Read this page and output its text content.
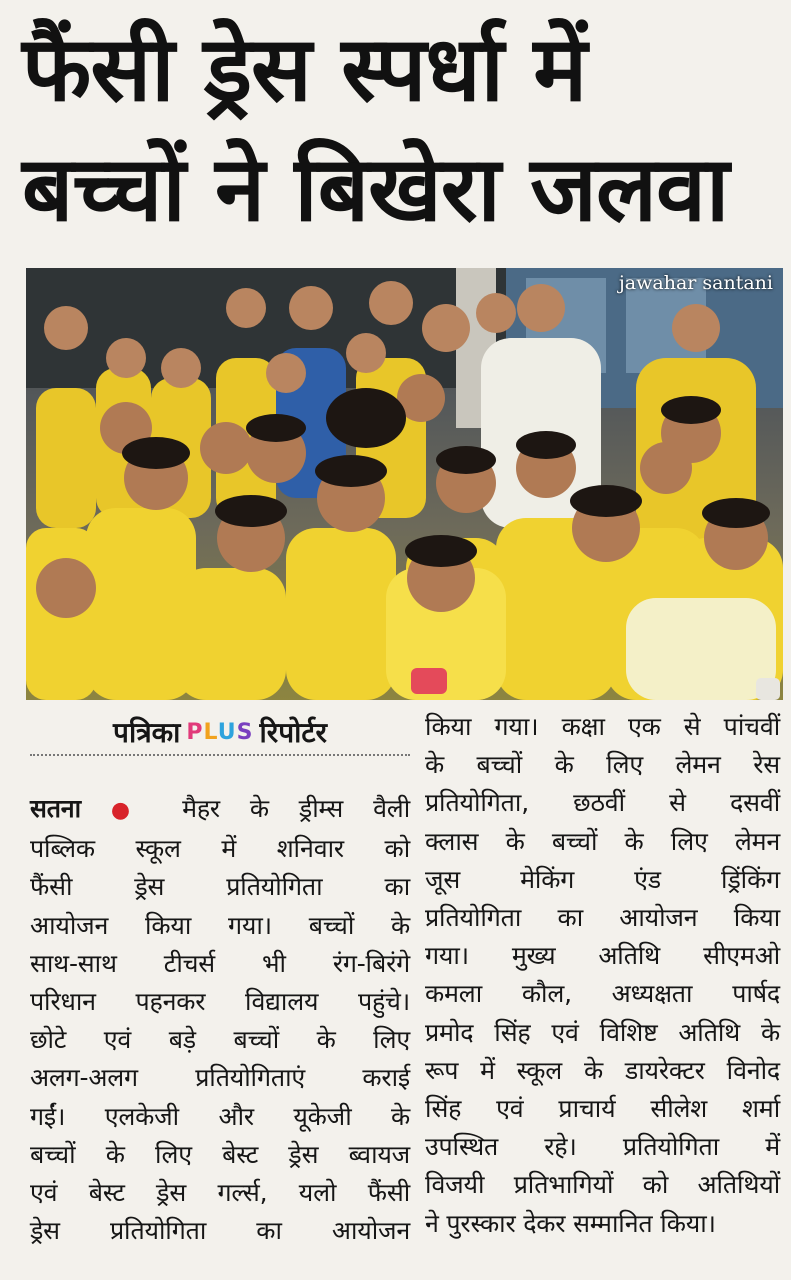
फैंसी ड्रेस स्पर्धा में
बच्चों ने बिखेरा जलवा
jawahar santani
पत्रिका PLUS रिपोर्टर

सतना ● मैहर के ड्रीम्स वैली

पब्लिक स्कूल में शनिवार को

फैंसी ड्रेस प्रतियोगिता का

आयोजन किया गया। बच्चों के

साथ-साथ टीचर्स भी रंग-बिरंगे

परिधान पहनकर विद्यालय पहुंचे।

छोटे एवं बड़े बच्चों के लिए

अलग-अलग प्रतियोगिताएं कराई

गईं। एलकेजी और यूकेजी के

बच्चों के लिए बेस्ट ड्रेस ब्वायज

एवं बेस्ट ड्रेस गर्ल्स, यलो फैंसी

ड्रेस प्रतियोगिता का आयोजन

किया गया। कक्षा एक से पांचवीं

के बच्चों के लिए लेमन रेस

प्रतियोगिता, छठवीं से दसवीं

क्लास के बच्चों के लिए लेमन

जूस मेकिंग एंड ड्रिंकिंग

प्रतियोगिता का आयोजन किया

गया। मुख्य अतिथि सीएमओ

कमला कौल, अध्यक्षता पार्षद

प्रमोद सिंह एवं विशिष्ट अतिथि के

रूप में स्कूल के डायरेक्टर विनोद

सिंह एवं प्राचार्य सीलेश शर्मा

उपस्थित रहे। प्रतियोगिता में

विजयी प्रतिभागियों को अतिथियों

ने पुरस्कार देकर सम्मानित किया।
